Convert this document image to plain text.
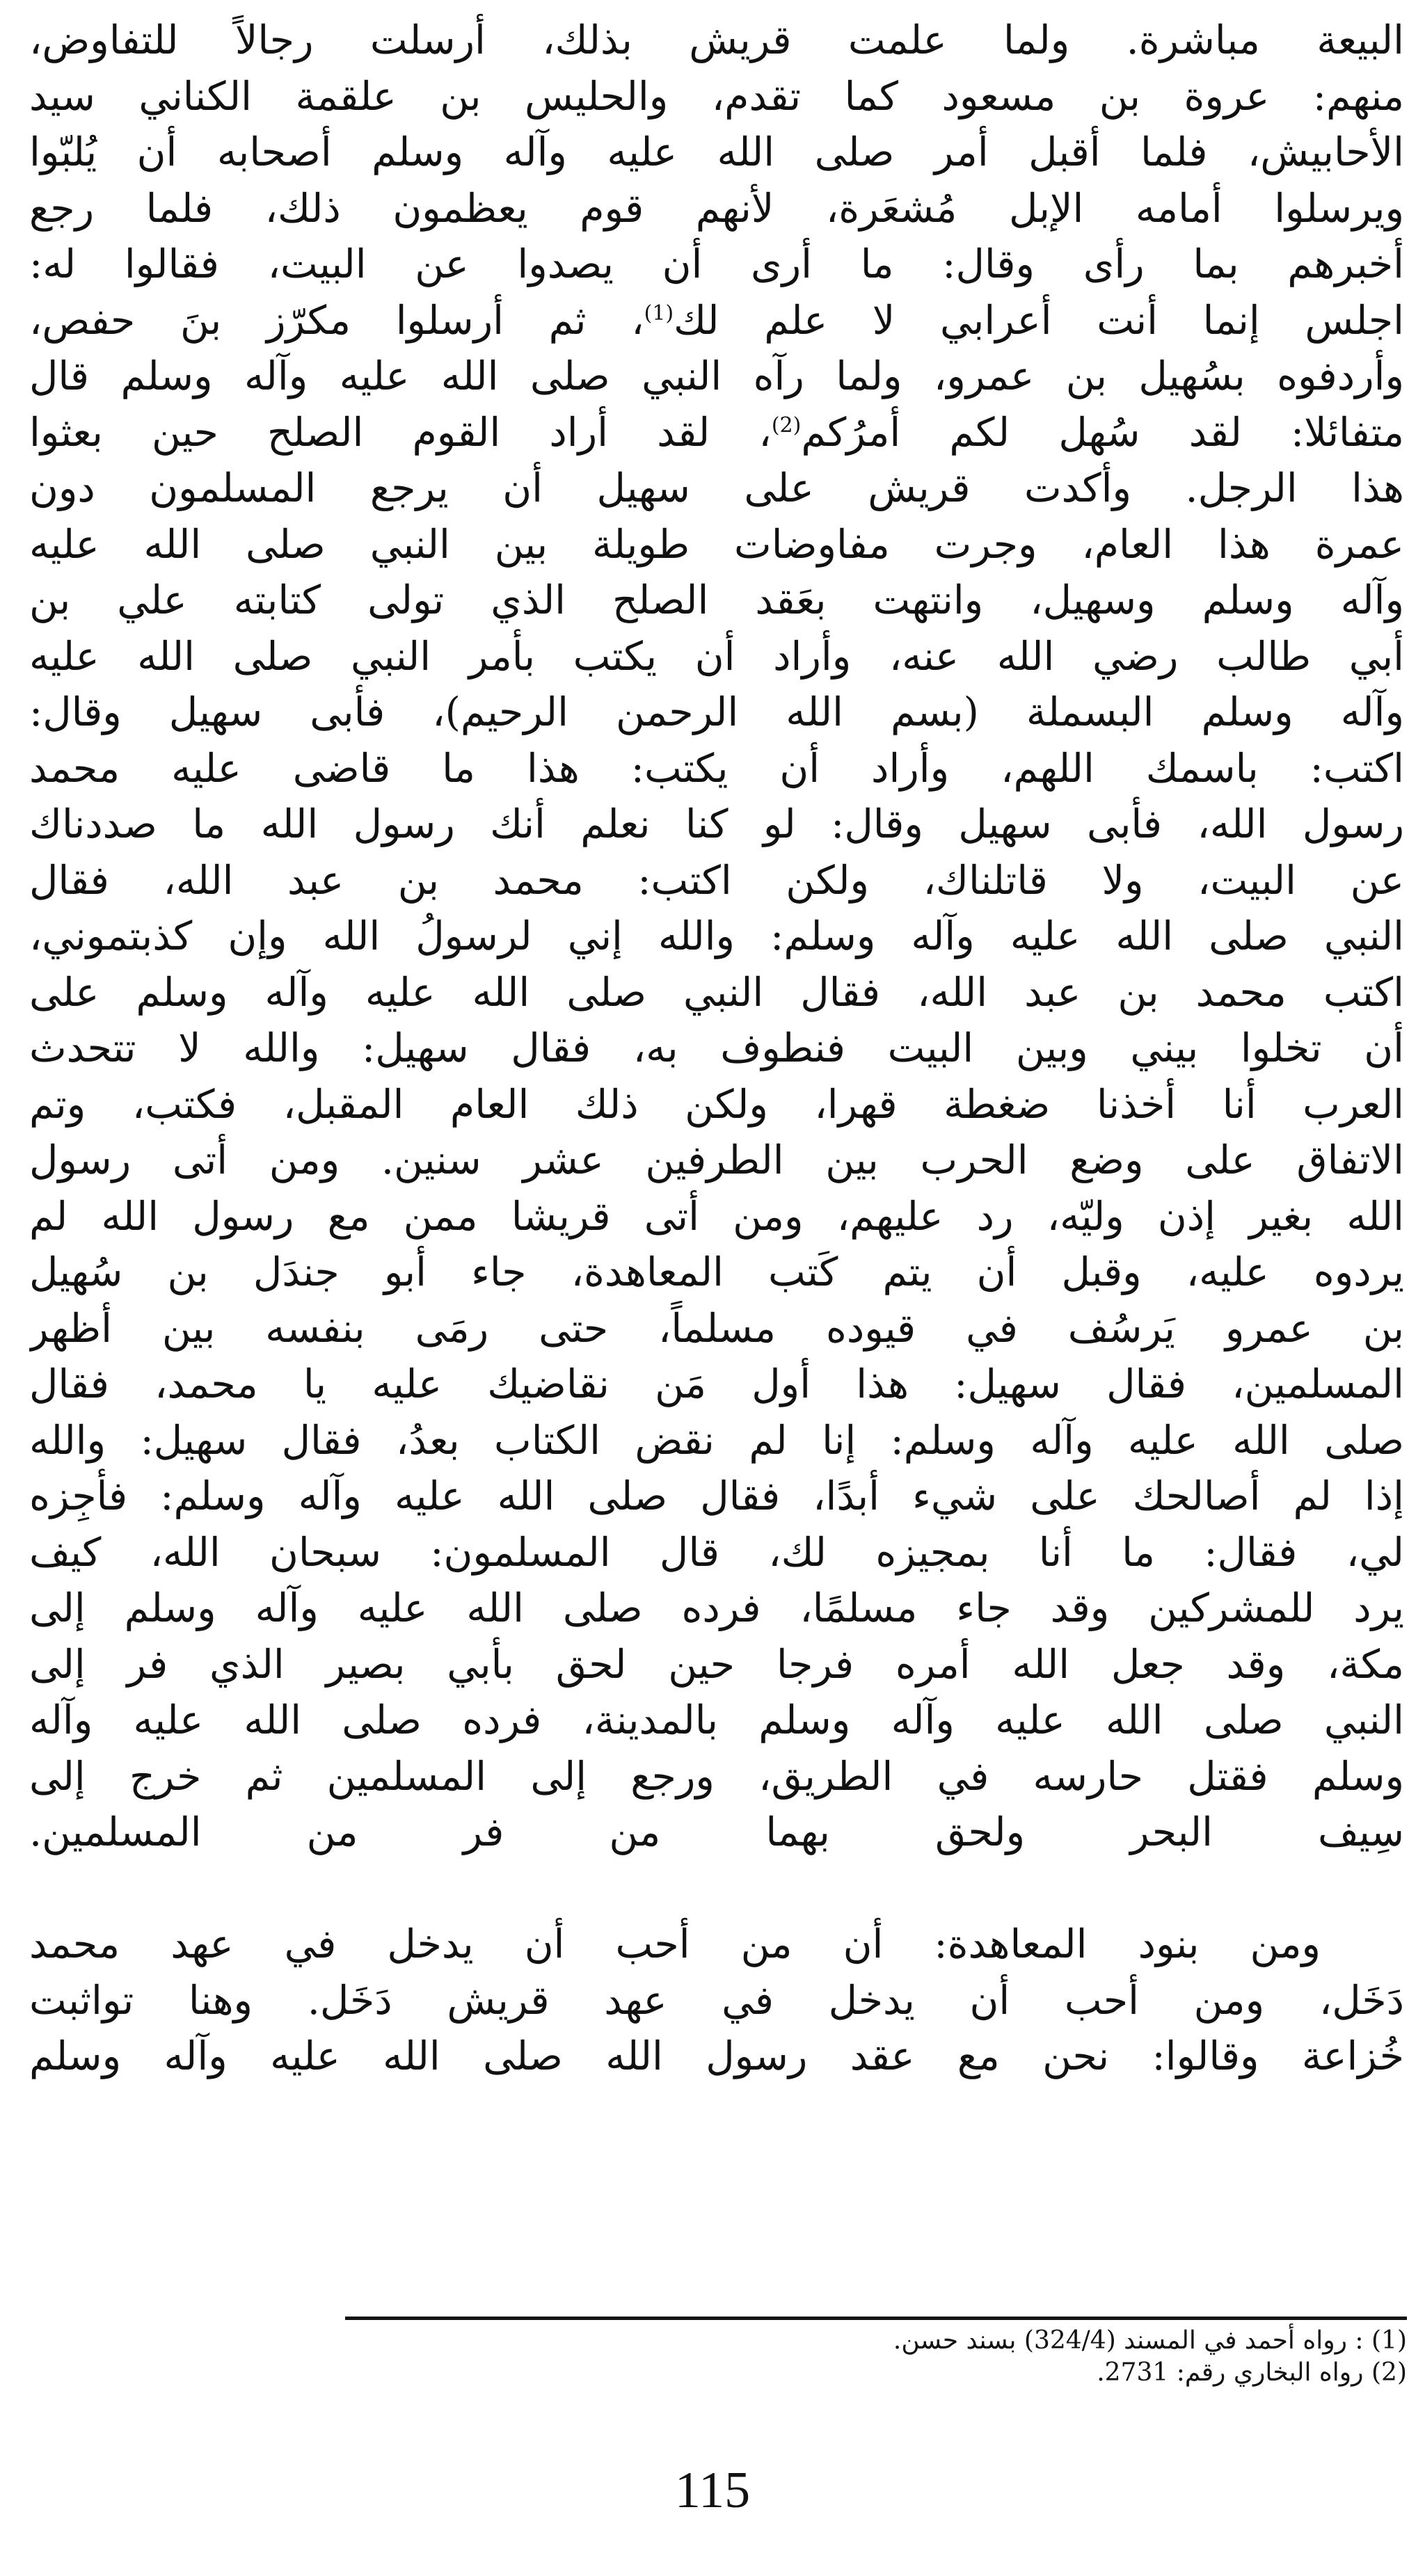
البيعة مباشرة. ولما علمت قريش بذلك، أرسلت رجالاً للتفاوض،
منهم: عروة بن مسعود كما تقدم، والحليس بن علقمة الكناني سيد
الأحابيش، فلما أقبل أمر صلى الله عليه وآله وسلم أصحابه أن يُلبّوا
ويرسلوا أمامه الإبل مُشعَرة، لأنهم قوم يعظمون ذلك، فلما رجع
أخبرهم بما رأى وقال: ما أرى أن يصدوا عن البيت، فقالوا له:
اجلس إنما أنت أعرابي لا علم لك$^{(1)}$، ثم أرسلوا مكرّز بنَ حفص،
وأردفوه بسُهيل بن عمرو، ولما رآه النبي صلى الله عليه وآله وسلم قال
متفائلا: لقد سُهل لكم أمرُكم$^{(2)}$، لقد أراد القوم الصلح حين بعثوا
هذا الرجل. وأكدت قريش على سهيل أن يرجع المسلمون دون
عمرة هذا العام، وجرت مفاوضات طويلة بين النبي صلى الله عليه
وآله وسلم وسهيل، وانتهت بعَقد الصلح الذي تولى كتابته علي بن
أبي طالب رضي الله عنه، وأراد أن يكتب بأمر النبي صلى الله عليه
وآله وسلم البسملة (بسم الله الرحمن الرحيم)، فأبى سهيل وقال:
اكتب: باسمك اللهم، وأراد أن يكتب: هذا ما قاضى عليه محمد
رسول الله، فأبى سهيل وقال: لو كنا نعلم أنك رسول الله ما صددناك
عن البيت، ولا قاتلناك، ولكن اكتب: محمد بن عبد الله، فقال
النبي صلى الله عليه وآله وسلم: والله إني لرسولُ الله وإن كذبتموني،
اكتب محمد بن عبد الله، فقال النبي صلى الله عليه وآله وسلم على
أن تخلوا بيني وبين البيت فنطوف به، فقال سهيل: والله لا تتحدث
العرب أنا أخذنا ضغطة قهرا، ولكن ذلك العام المقبل، فكتب، وتم
الاتفاق على وضع الحرب بين الطرفين عشر سنين. ومن أتى رسول
الله بغير إذن وليّه، رد عليهم، ومن أتى قريشا ممن مع رسول الله لم
يردوه عليه، وقبل أن يتم كَتب المعاهدة، جاء أبو جندَل بن سُهيل
بن عمرو يَرسُف في قيوده مسلماً، حتى رمَى بنفسه بين أظهر
المسلمين، فقال سهيل: هذا أول مَن نقاضيك عليه يا محمد، فقال
صلى الله عليه وآله وسلم: إنا لم نقض الكتاب بعدُ، فقال سهيل: والله
إذا لم أصالحك على شيء أبدًا، فقال صلى الله عليه وآله وسلم: فأجِزه
لي، فقال: ما أنا بمجيزه لك، قال المسلمون: سبحان الله، كيف
يرد للمشركين وقد جاء مسلمًا، فرده صلى الله عليه وآله وسلم إلى
مكة، وقد جعل الله أمره فرجا حين لحق بأبي بصير الذي فر إلى
النبي صلى الله عليه وآله وسلم بالمدينة، فرده صلى الله عليه وآله
وسلم فقتل حارسه في الطريق، ورجع إلى المسلمين ثم خرج إلى
سِيف البحر ولحق بهما من فر من المسلمين.
ومن بنود المعاهدة: أن من أحب أن يدخل في عهد محمد
دَخَل، ومن أحب أن يدخل في عهد قريش دَخَل. وهنا تواثبت
خُزاعة وقالوا: نحن مع عقد رسول الله صلى الله عليه وآله وسلم
(1) : رواه أحمد في المسند (324/4) بسند حسن.
(2) رواه البخاري رقم: 2731.
115
